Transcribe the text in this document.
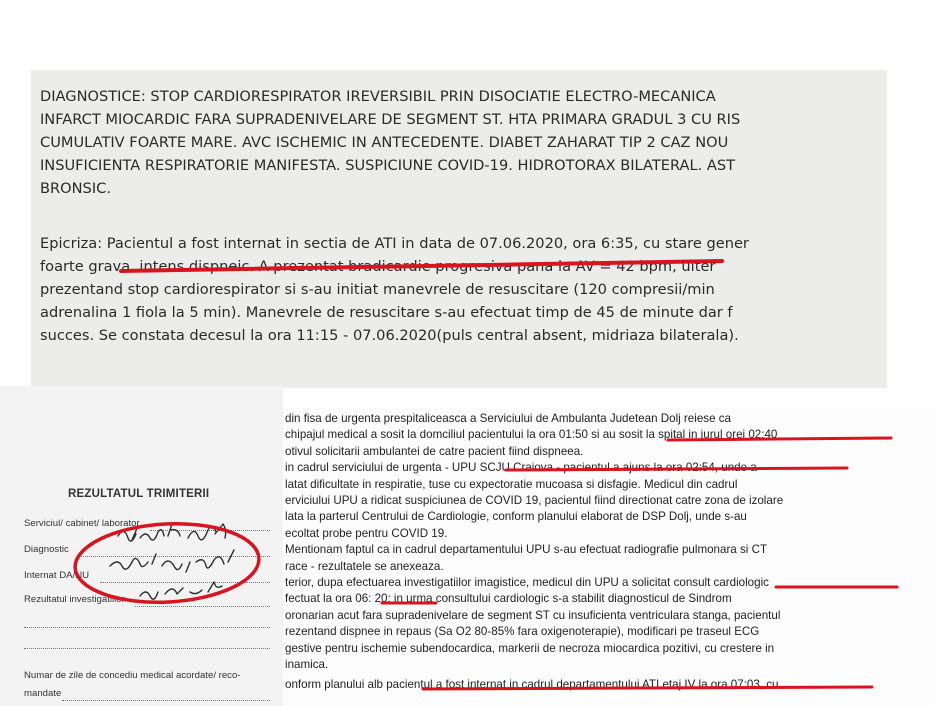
DIAGNOSTICE: STOP CARDIORESPIRATOR IREVERSIBIL PRIN DISOCIATIE ELECTRO-MECANICA
INFARCT MIOCARDIC FARA SUPRADENIVELARE DE SEGMENT ST. HTA PRIMARA GRADUL 3 CU RIS
CUMULATIV FOARTE MARE. AVC ISCHEMIC IN ANTECEDENTE. DIABET ZAHARAT TIP 2 CAZ NOU
INSUFICIENTA RESPIRATORIE MANIFESTA. SUSPICIUNE COVID-19. HIDROTORAX BILATERAL. AST
BRONSIC.
Epicriza: Pacientul a fost internat in sectia de ATI in data de 07.06.2020, ora 6:35, cu stare gener
foarte grava, intens dispneic. A prezentat bradicardie progresiva pana la AV = 42 bpm, ulter
prezentand stop cardiorespirator si s-au initiat manevrele de resuscitare (120 compresii/min
adrenalina 1 fiola la 5 min). Manevrele de resuscitare s-au efectuat timp de 45 de minute dar f
succes. Se constata decesul la ora 11:15 - 07.06.2020(puls central absent, midriaza bilaterala).
din fisa de urgenta prespitaliceasca a Serviciului de Ambulanta Judetean Dolj reiese ca
chipajul medical a sosit la domciliul pacientului la ora 01:50 si au sosit la spital in jurul orei 02:40
otivul solicitarii ambulantei de catre pacient fiind dispneea.
in cadrul serviciului de urgenta - UPU SCJU Craiova - pacientul a ajuns la ora 02:54, unde a
latat dificultate in respiratie, tuse cu expectoratie mucoasa si disfagie. Medicul din cadrul
erviciului UPU a ridicat suspiciunea de COVID 19, pacientul fiind directionat catre zona de izolare
lata la parterul Centrului de Cardiologie, conform planului elaborat de DSP Dolj, unde s-au
ecoltat probe pentru COVID 19.
Mentionam faptul ca in cadrul departamentului UPU s-au efectuat radiografie pulmonara si CT
race - rezultatele se anexeaza.
terior, dupa efectuarea investigatiilor imagistice, medicul din UPU a solicitat consult cardiologic
fectuat la ora 06: 20; in urma consultului cardiologic s-a stabilit diagnosticul de Sindrom
oronarian acut fara supradenivelare de segment ST cu insuficienta ventriculara stanga, pacientul
rezentand dispnee in repaus (Sa O2 80-85% fara oxigenoterapie), modificari pe traseul ECG
gestive pentru ischemie subendocardica, markerii de necroza miocardica pozitivi, cu crestere in
inamica.
onform planului alb pacientul a fost internat in cadrul departamentului ATI etaj IV la ora 07:03, cu
REZULTATUL TRIMITERII
Serviciul/ cabinet/ laborator
Diagnostic
Internat DA/NU
Rezultatul investigatiilor
Numar de zile de concediu medical acordate/ reco-
mandate
